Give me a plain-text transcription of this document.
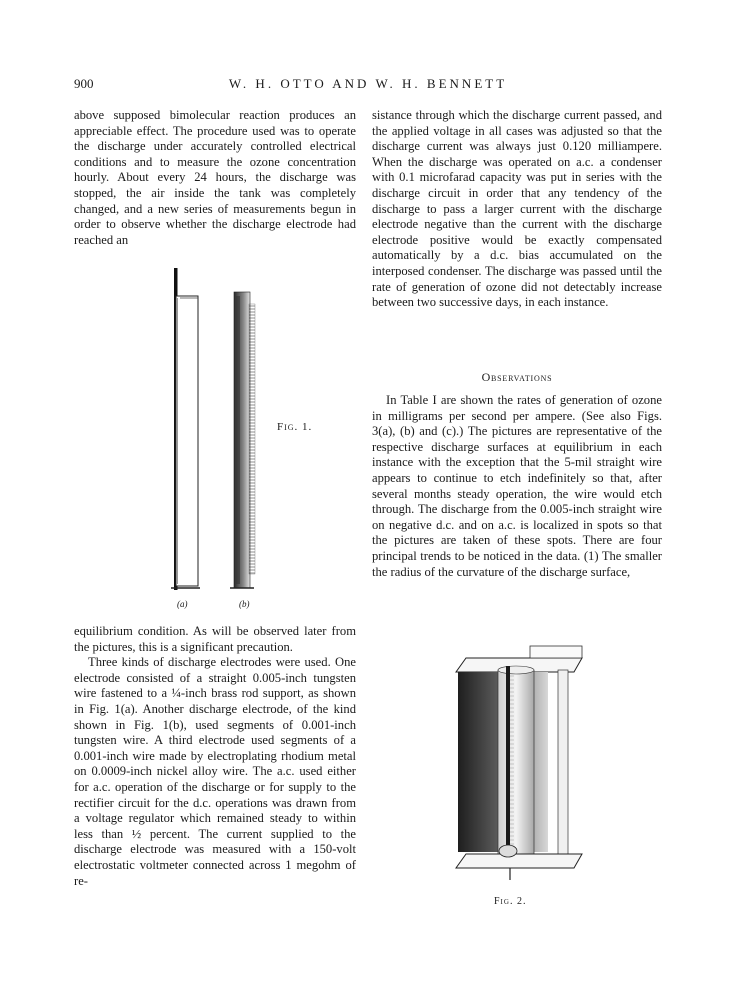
900	W. H. OTTO AND W. H. BENNETT

above supposed bimolecular reaction produces an appreciable effect. The procedure used was to operate the discharge under accurately controlled electrical conditions and to measure the ozone concentration hourly. About every 24 hours, the discharge was stopped, the air inside the tank was completely changed, and a new series of measurements begun in order to observe whether the discharge electrode had reached an

Fig. 1.
(a)	(b)

equilibrium condition. As will be observed later from the pictures, this is a significant precaution.

Three kinds of discharge electrodes were used. One electrode consisted of a straight 0.005-inch tungsten wire fastened to a ¼-inch brass rod support, as shown in Fig. 1(a). Another discharge electrode, of the kind shown in Fig. 1(b), used segments of 0.001-inch tungsten wire. A third electrode used segments of a 0.001-inch wire made by electroplating rhodium metal on 0.0009-inch nickel alloy wire. The a.c. used either for a.c. operation of the discharge or for supply to the rectifier circuit for the d.c. operations was drawn from a voltage regulator which remained steady to within less than ½ percent. The current supplied to the discharge electrode was measured with a 150-volt electrostatic voltmeter connected across 1 megohm of re-

sistance through which the discharge current passed, and the applied voltage in all cases was adjusted so that the discharge current was always just 0.120 milliampere. When the discharge was operated on a.c. a condenser with 0.1 microfarad capacity was put in series with the discharge circuit in order that any tendency of the discharge to pass a larger current with the discharge electrode negative than the current with the discharge electrode positive would be exactly compensated automatically by a d.c. bias accumulated on the interposed condenser. The discharge was passed until the rate of generation of ozone did not detectably increase between two successive days, in each instance.

Observations

In Table I are shown the rates of generation of ozone in milligrams per second per ampere. (See also Figs. 3(a), (b) and (c).) The pictures are representative of the respective discharge surfaces at equilibrium in each instance with the exception that the 5-mil straight wire appears to continue to etch indefinitely so that, after several months steady operation, the wire would etch through. The discharge from the 0.005-inch straight wire on negative d.c. and on a.c. is localized in spots so that the pictures are taken of these spots. There are four principal trends to be noticed in the data. (1) The smaller the radius of the curvature of the discharge surface,

Fig. 2.
